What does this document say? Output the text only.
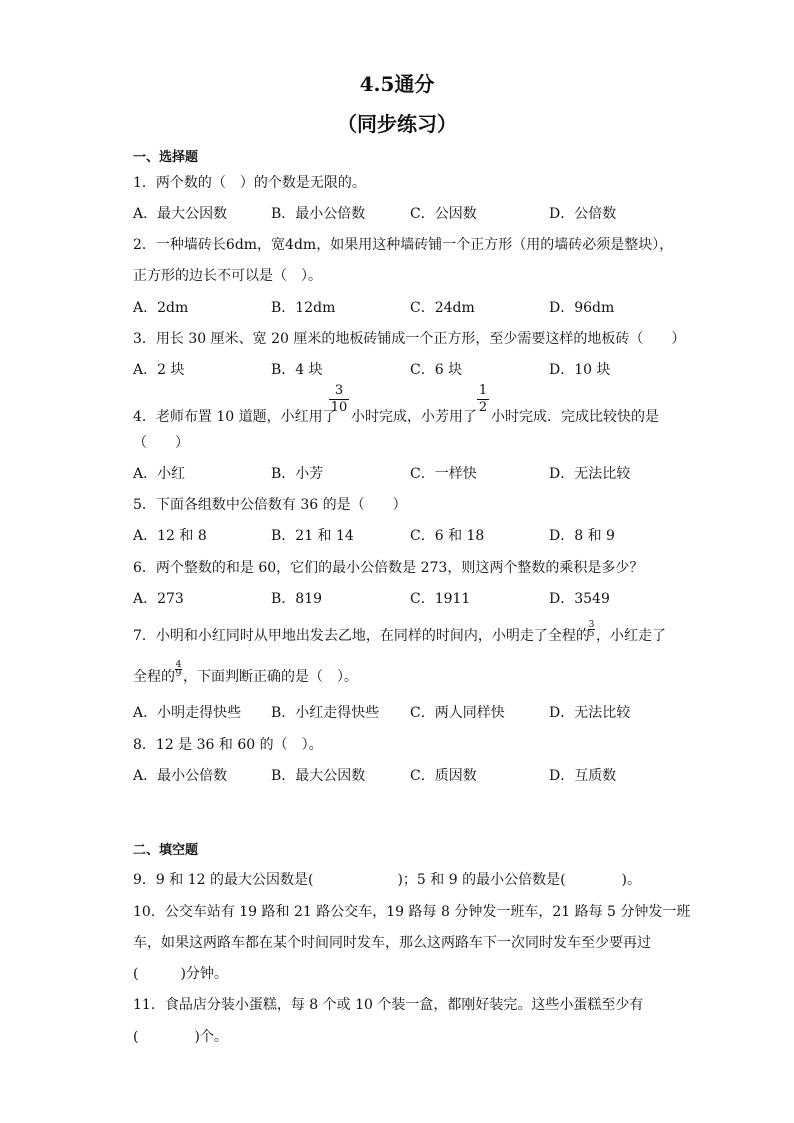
4.5通分
（同步练习）
一、选择题
1．两个数的（　）的个数是无限的。
A．最大公因数	B．最小公倍数	C．公因数	D．公倍数
2．一种墙砖长6dm，宽4dm，如果用这种墙砖铺一个正方形（用的墙砖必须是整块），
正方形的边长不可以是（　）。
A．2dm	B．12dm	C．24dm	D．96dm
3．用长 30 厘米、宽 20 厘米的地板砖铺成一个正方形，至少需要这样的地板砖（　　）
A．2 块	B．4 块	C．6 块	D．10 块
4．老师布置 10 道题，小红用了
3
10
小时完成，小芳用了
1
2
小时完成．完成比较快的是
（　　）
A．小红	B．小芳	C．一样快	D．无法比较
5．下面各组数中公倍数有 36 的是（　　）
A．12 和 8	B．21 和 14	C．6 和 18	D．8 和 9
6．两个整数的和是 60，它们的最小公倍数是 273，则这两个整数的乘积是多少？
A．273	B．819	C．1911	D．3549
7．小明和小红同时从甲地出发去乙地，在同样的时间内，小明走了全程的
3
5 ，小红走了
全程的
4
9 ，下面判断正确的是（　）。
A．小明走得快些 B．小红走得快些 C．两人同样快	D．无法比较
8．12 是 36 和 60 的（　）。
A．最小公倍数	B．最大公因数	C．质因数	D．互质数
二、填空题
9．9 和 12 的最大公因数是(　　　　　　)；5 和 9 的最小公倍数是(　　　　)。
10．公交车站有 19 路和 21 路公交车，19 路每 8 分钟发一班车，21 路每 5 分钟发一班
车，如果这两路车都在某个时间同时发车，那么这两路车下一次同时发车至少要再过
(　　　)分钟。
11．食品店分装小蛋糕，每 8 个或 10 个装一盒，都刚好装完。这些小蛋糕至少有
(　　　　)个。
